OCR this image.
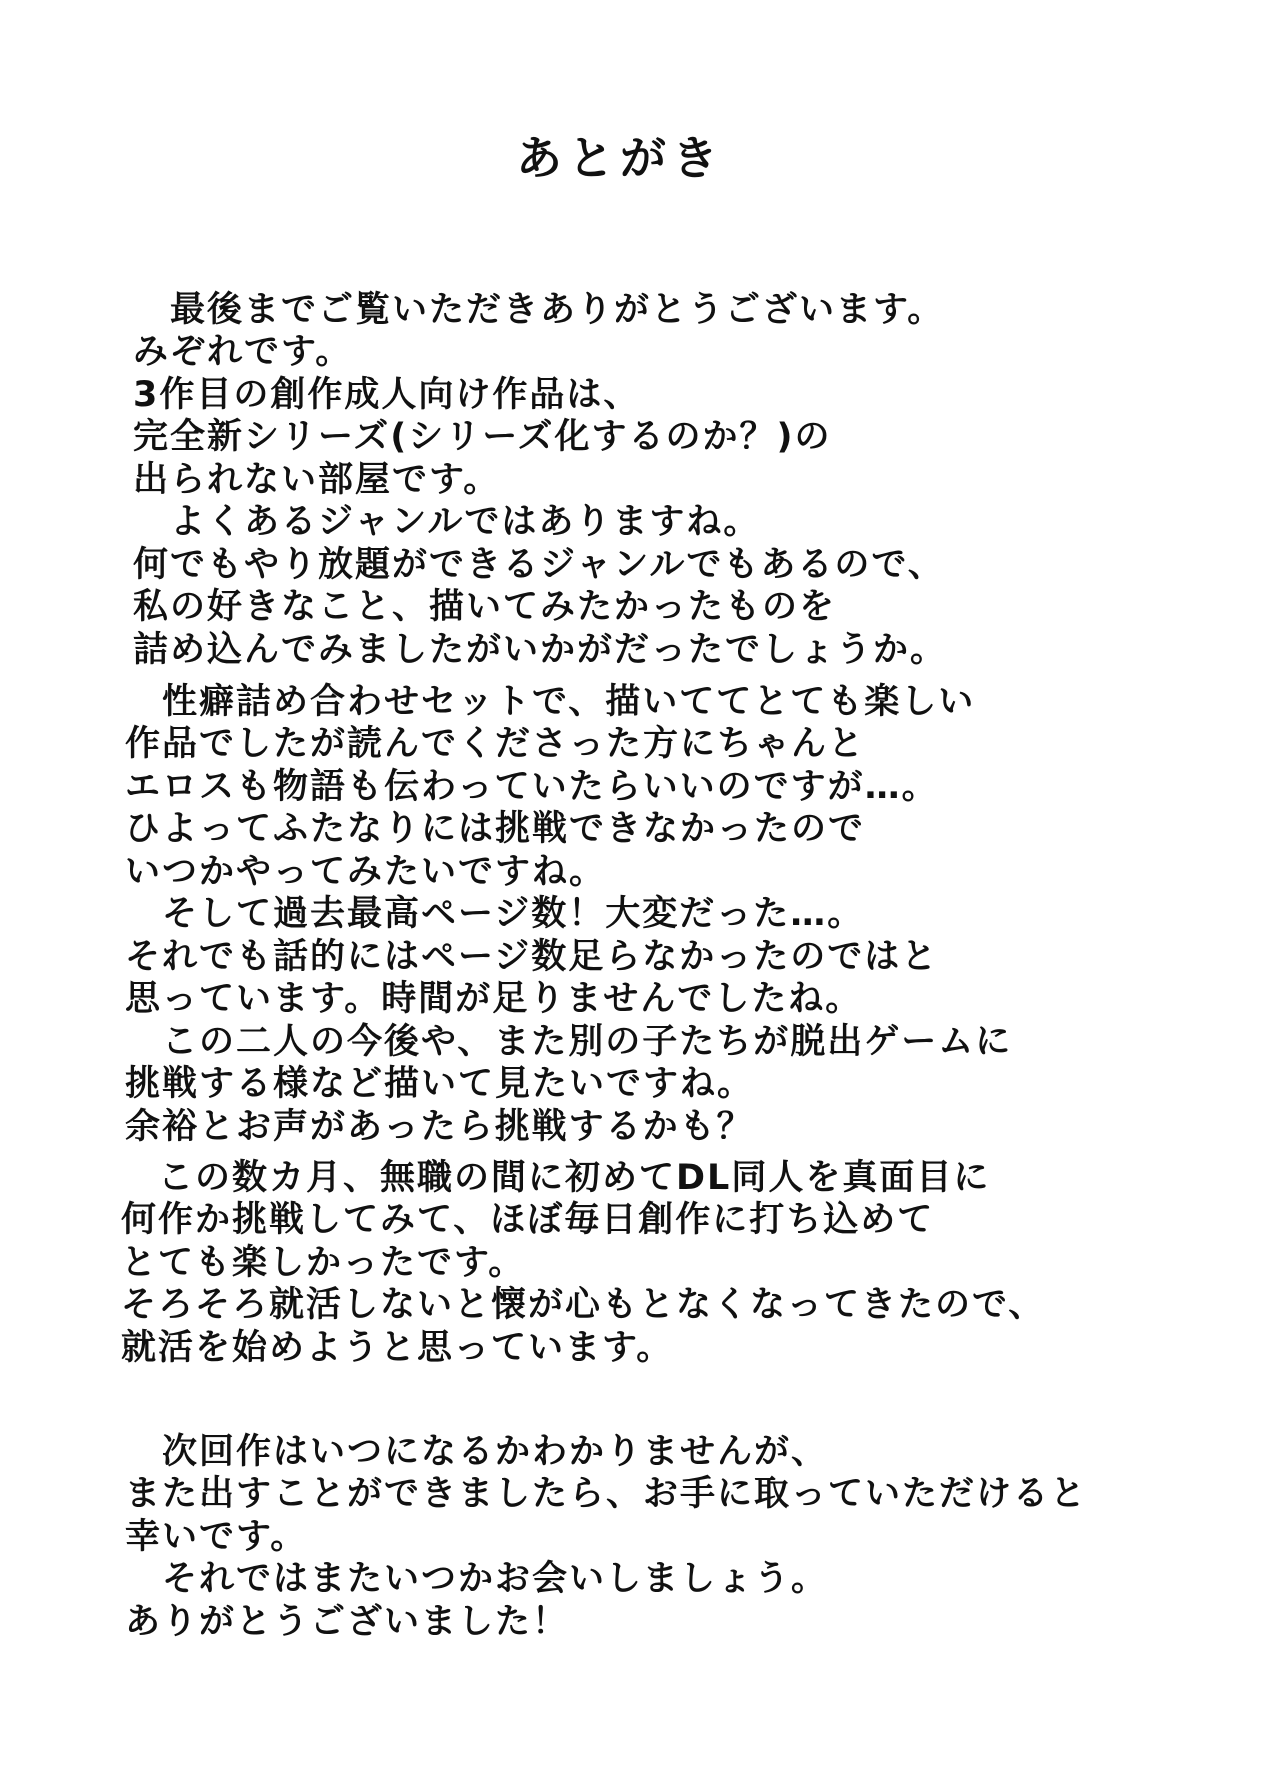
あとがき
　最後までご覧いただきありがとうございます。
みぞれです。
3作目の創作成人向け作品は、
完全新シリーズ(シリーズ化するのか？)の
出られない部屋です。
　よくあるジャンルではありますね。
何でもやり放題ができるジャンルでもあるので、
私の好きなこと、描いてみたかったものを
詰め込んでみましたがいかがだったでしょうか。
　性癖詰め合わせセットで、描いててとても楽しい
作品でしたが読んでくださった方にちゃんと
エロスも物語も伝わっていたらいいのですが…。
ひよってふたなりには挑戦できなかったので
いつかやってみたいですね。
　そして過去最高ページ数！大変だった…。
それでも話的にはページ数足らなかったのではと
思っています。時間が足りませんでしたね。
　この二人の今後や、また別の子たちが脱出ゲームに
挑戦する様など描いて見たいですね。
余裕とお声があったら挑戦するかも？
　この数カ月、無職の間に初めてDL同人を真面目に
何作か挑戦してみて、ほぼ毎日創作に打ち込めて
とても楽しかったです。
そろそろ就活しないと懐が心もとなくなってきたので、
就活を始めようと思っています。
　次回作はいつになるかわかりませんが、
また出すことができましたら、お手に取っていただけると
幸いです。
　それではまたいつかお会いしましょう。
ありがとうございました！
